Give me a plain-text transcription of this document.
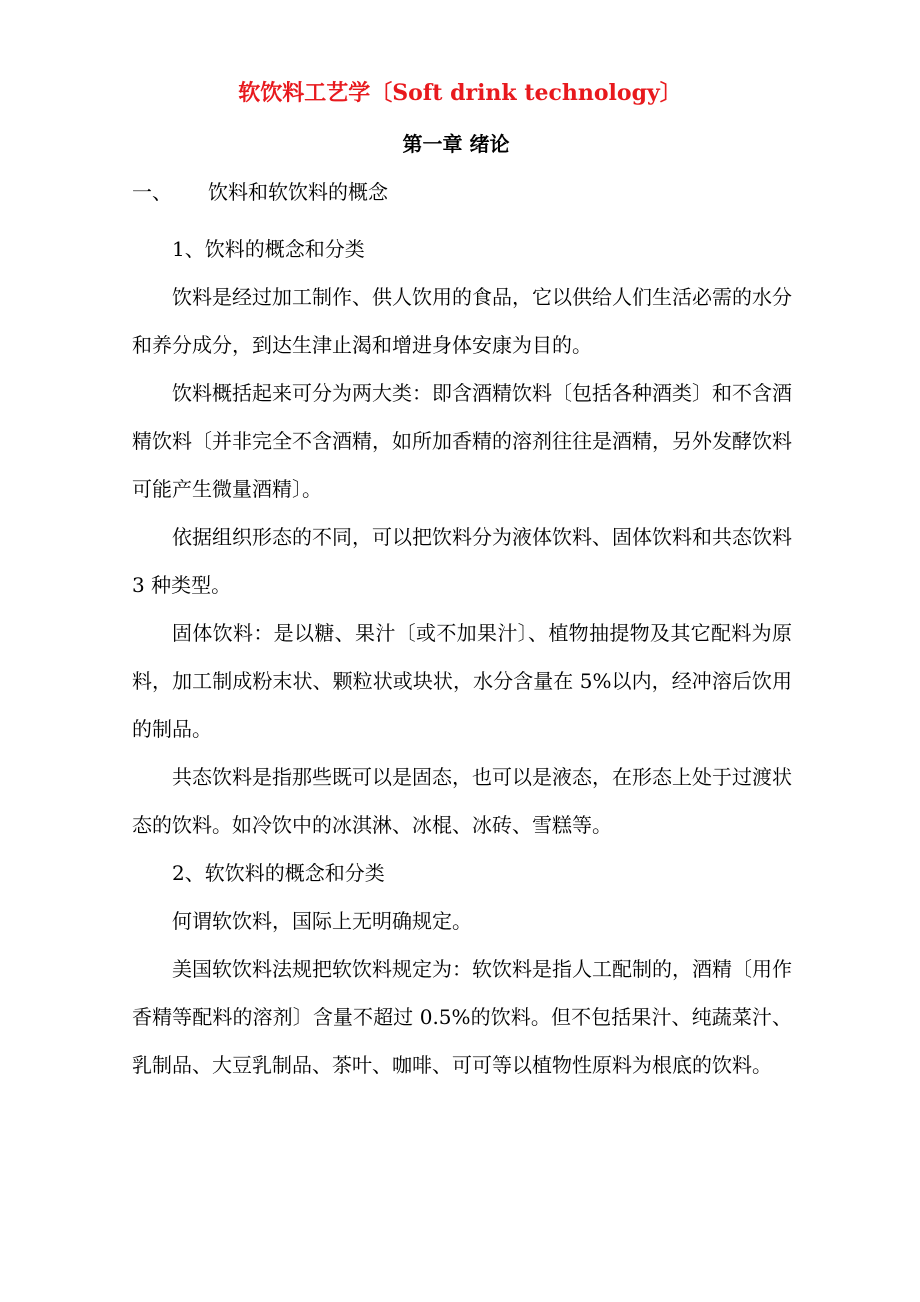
软饮料工艺学〔Soft drink technology〕
第一章 绪论
一、 饮料和软饮料的概念

1、饮料的概念和分类

饮料是经过加工制作、供人饮用的食品，它以供给人们生活必需的水分和养分成分，到达生津止渴和增进身体安康为目的。

饮料概括起来可分为两大类：即含酒精饮料〔包括各种酒类〕和不含酒精饮料〔并非完全不含酒精，如所加香精的溶剂往往是酒精，另外发酵饮料可能产生微量酒精〕。

依据组织形态的不同，可以把饮料分为液体饮料、固体饮料和共态饮料 3 种类型。

固体饮料：是以糖、果汁〔或不加果汁〕、植物抽提物及其它配料为原料，加工制成粉末状、颗粒状或块状，水分含量在 5%以内，经冲溶后饮用的制品。

共态饮料是指那些既可以是固态，也可以是液态，在形态上处于过渡状态的饮料。如冷饮中的冰淇淋、冰棍、冰砖、雪糕等。

2、软饮料的概念和分类

何谓软饮料，国际上无明确规定。

美国软饮料法规把软饮料规定为：软饮料是指人工配制的，酒精〔用作香精等配料的溶剂〕含量不超过 0.5%的饮料。但不包括果汁、纯蔬菜汁、乳制品、大豆乳制品、茶叶、咖啡、可可等以植物性原料为根底的饮料。
